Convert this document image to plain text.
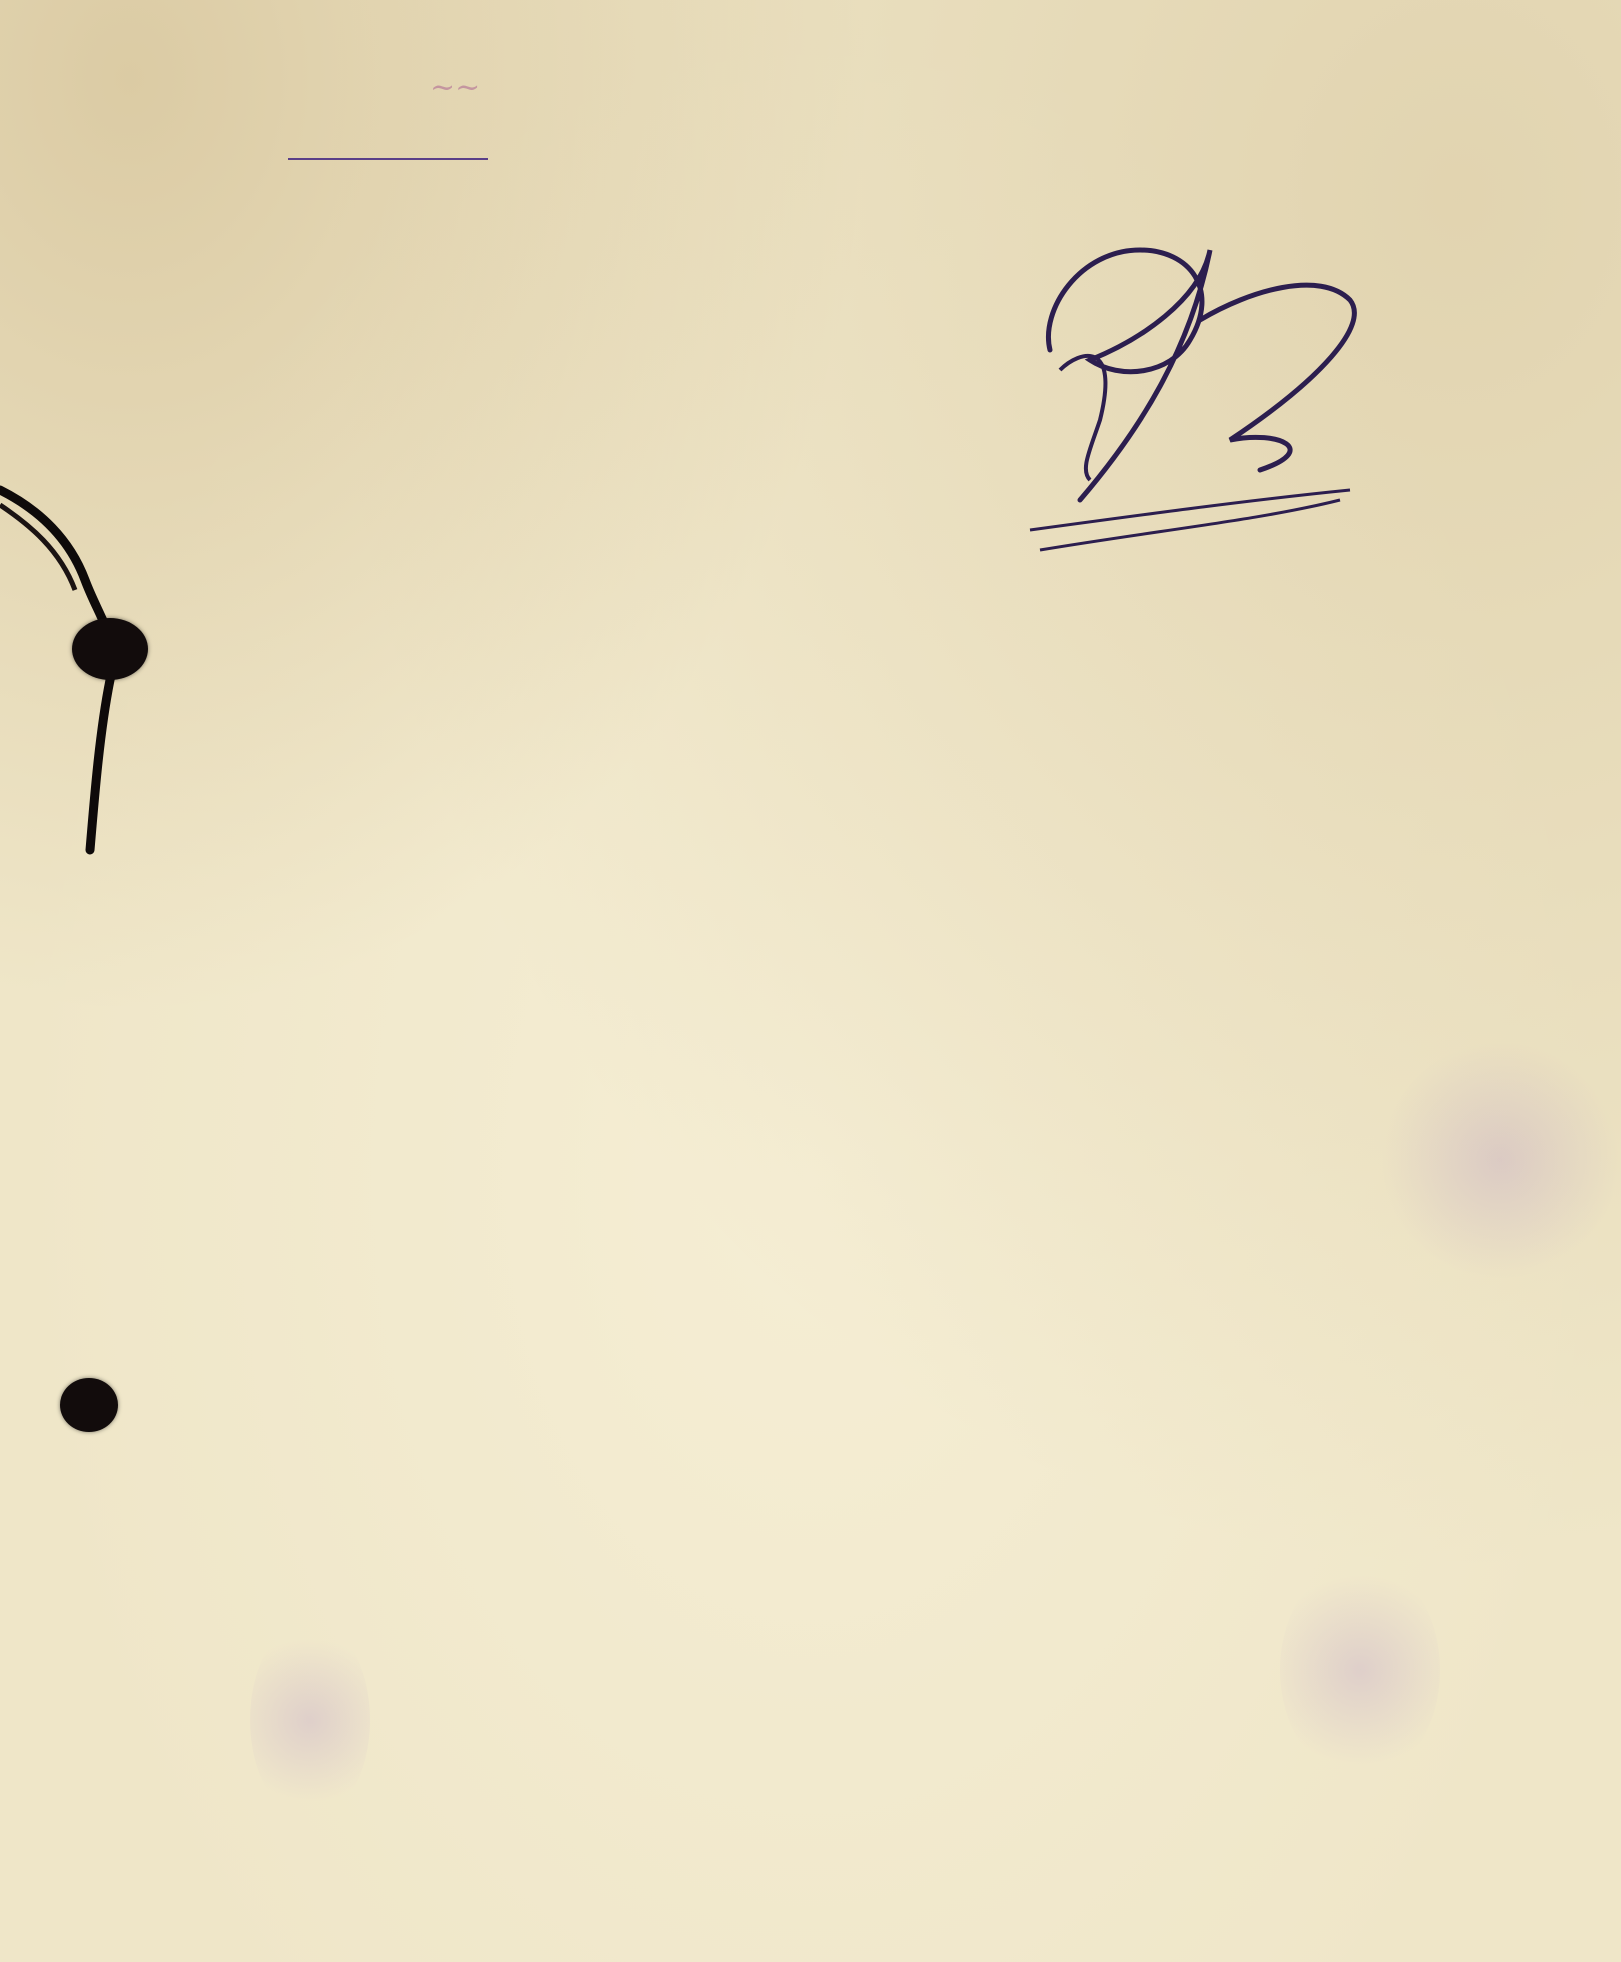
~~
